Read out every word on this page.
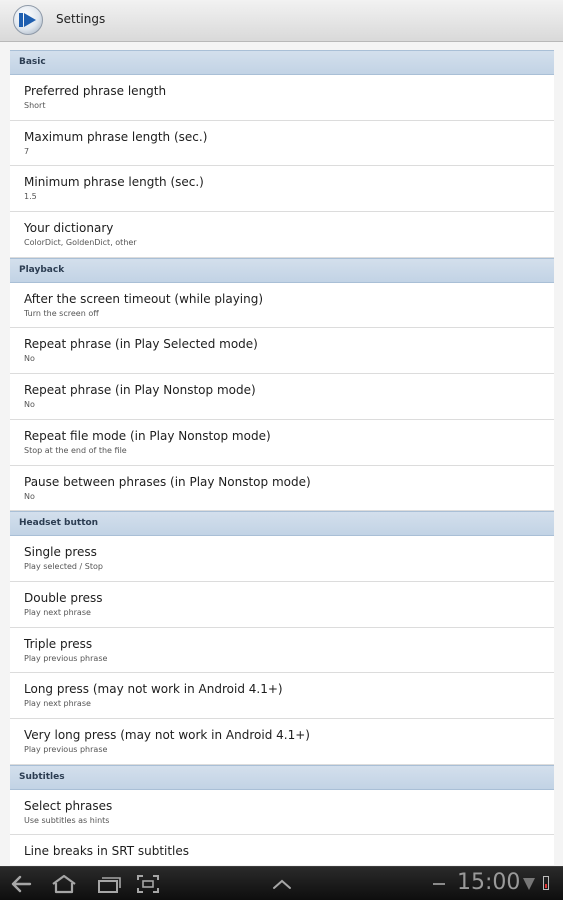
Settings
Basic
Preferred phrase length
Short
Maximum phrase length (sec.)
7
Minimum phrase length (sec.)
1.5
Your dictionary
ColorDict, GoldenDict, other
Playback
After the screen timeout (while playing)
Turn the screen off
Repeat phrase (in Play Selected mode)
No
Repeat phrase (in Play Nonstop mode)
No
Repeat file mode (in Play Nonstop mode)
Stop at the end of the file
Pause between phrases (in Play Nonstop mode)
No
Headset button
Single press
Play selected / Stop
Double press
Play next phrase
Triple press
Play previous phrase
Long press (may not work in Android 4.1+)
Play next phrase
Very long press (may not work in Android 4.1+)
Play previous phrase
Subtitles
Select phrases
Use subtitles as hints
Line breaks in SRT subtitles
15:00
